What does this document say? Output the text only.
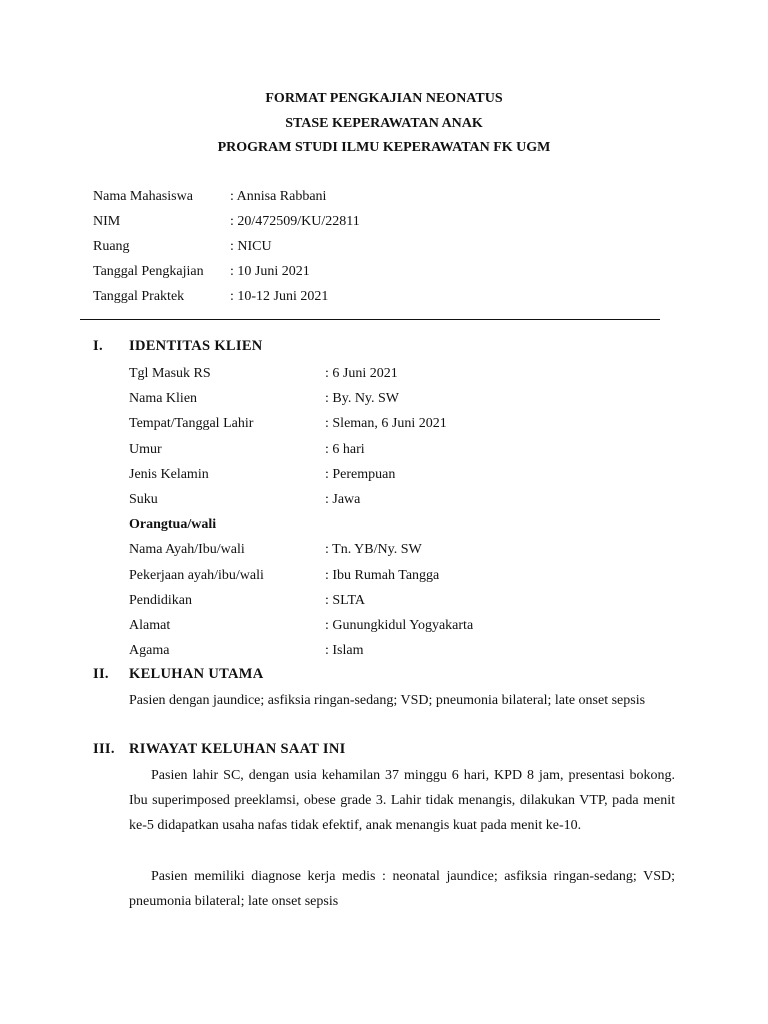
FORMAT PENGKAJIAN NEONATUS
STASE KEPERAWATAN ANAK
PROGRAM STUDI ILMU KEPERAWATAN FK UGM
Nama Mahasiswa	: Annisa Rabbani
NIM	: 20/472509/KU/22811
Ruang	: NICU
Tanggal Pengkajian : 10 Juni 2021
Tanggal Praktek	: 10-12 Juni 2021
I. IDENTITAS KLIEN
Tgl Masuk RS	: 6 Juni 2021
Nama Klien	: By. Ny. SW
Tempat/Tanggal Lahir	: Sleman, 6 Juni 2021
Umur	: 6 hari
Jenis Kelamin	: Perempuan
Suku	: Jawa
Orangtua/wali
Nama Ayah/Ibu/wali	: Tn. YB/Ny. SW
Pekerjaan ayah/ibu/wali	: Ibu Rumah Tangga
Pendidikan	: SLTA
Alamat	: Gunungkidul Yogyakarta
Agama	: Islam
II. KELUHAN UTAMA
Pasien dengan jaundice; asfiksia ringan-sedang; VSD; pneumonia bilateral; late onset sepsis
III. RIWAYAT KELUHAN SAAT INI
Pasien lahir SC, dengan usia kehamilan 37 minggu 6 hari, KPD 8 jam, presentasi bokong. Ibu superimposed preeklamsi, obese grade 3. Lahir tidak menangis, dilakukan VTP, pada menit ke-5 didapatkan usaha nafas tidak efektif, anak menangis kuat pada menit ke-10.
Pasien memiliki diagnose kerja medis : neonatal jaundice; asfiksia ringan-sedang; VSD; pneumonia bilateral; late onset sepsis
